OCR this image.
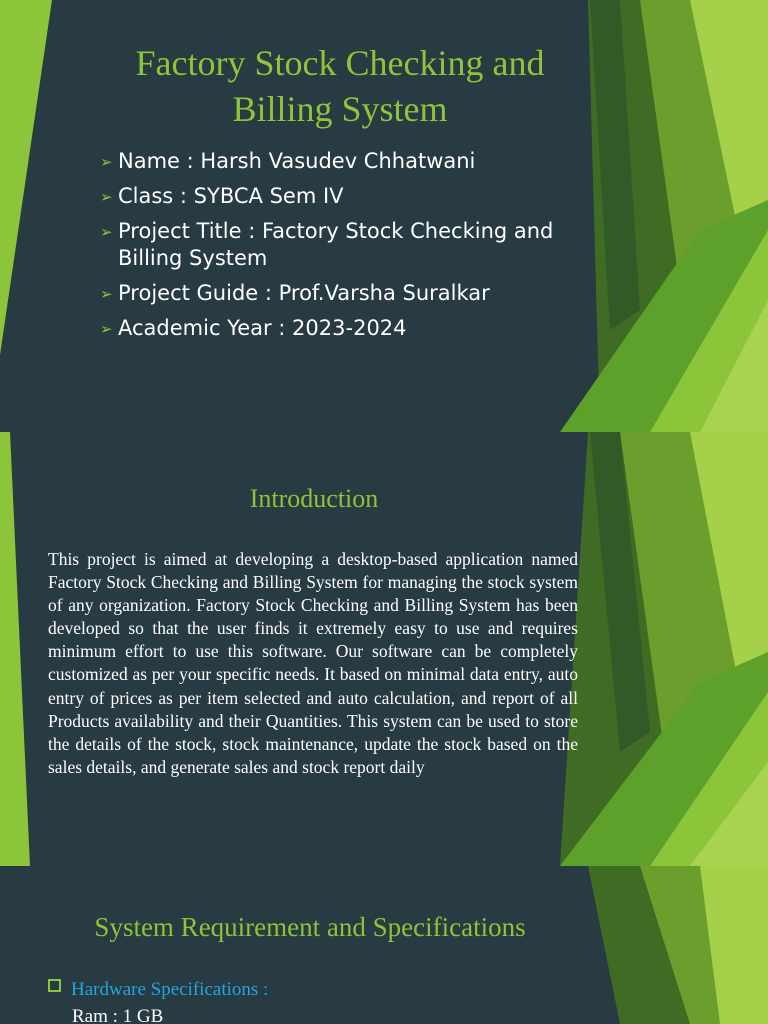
Factory Stock Checking and Billing System
➢ Name : Harsh Vasudev Chhatwani
➢ Class : SYBCA Sem IV
➢ Project Title : Factory Stock Checking and Billing System
➢ Project Guide : Prof.Varsha Suralkar
➢ Academic Year : 2023-2024
Introduction
This project is aimed at developing a desktop-based application named Factory Stock Checking and Billing System for managing the stock system of any organization. Factory Stock Checking and Billing System has been developed so that the user finds it extremely easy to use and requires minimum effort to use this software. Our software can be completely customized as per your specific needs. It based on minimal data entry, auto entry of prices as per item selected and auto calculation, and report of all Products availability and their Quantities. This system can be used to store the details of the stock, stock maintenance, update the stock based on the sales details, and generate sales and stock report daily
System Requirement and Specifications
Hardware Specifications :
Ram : 1 GB
